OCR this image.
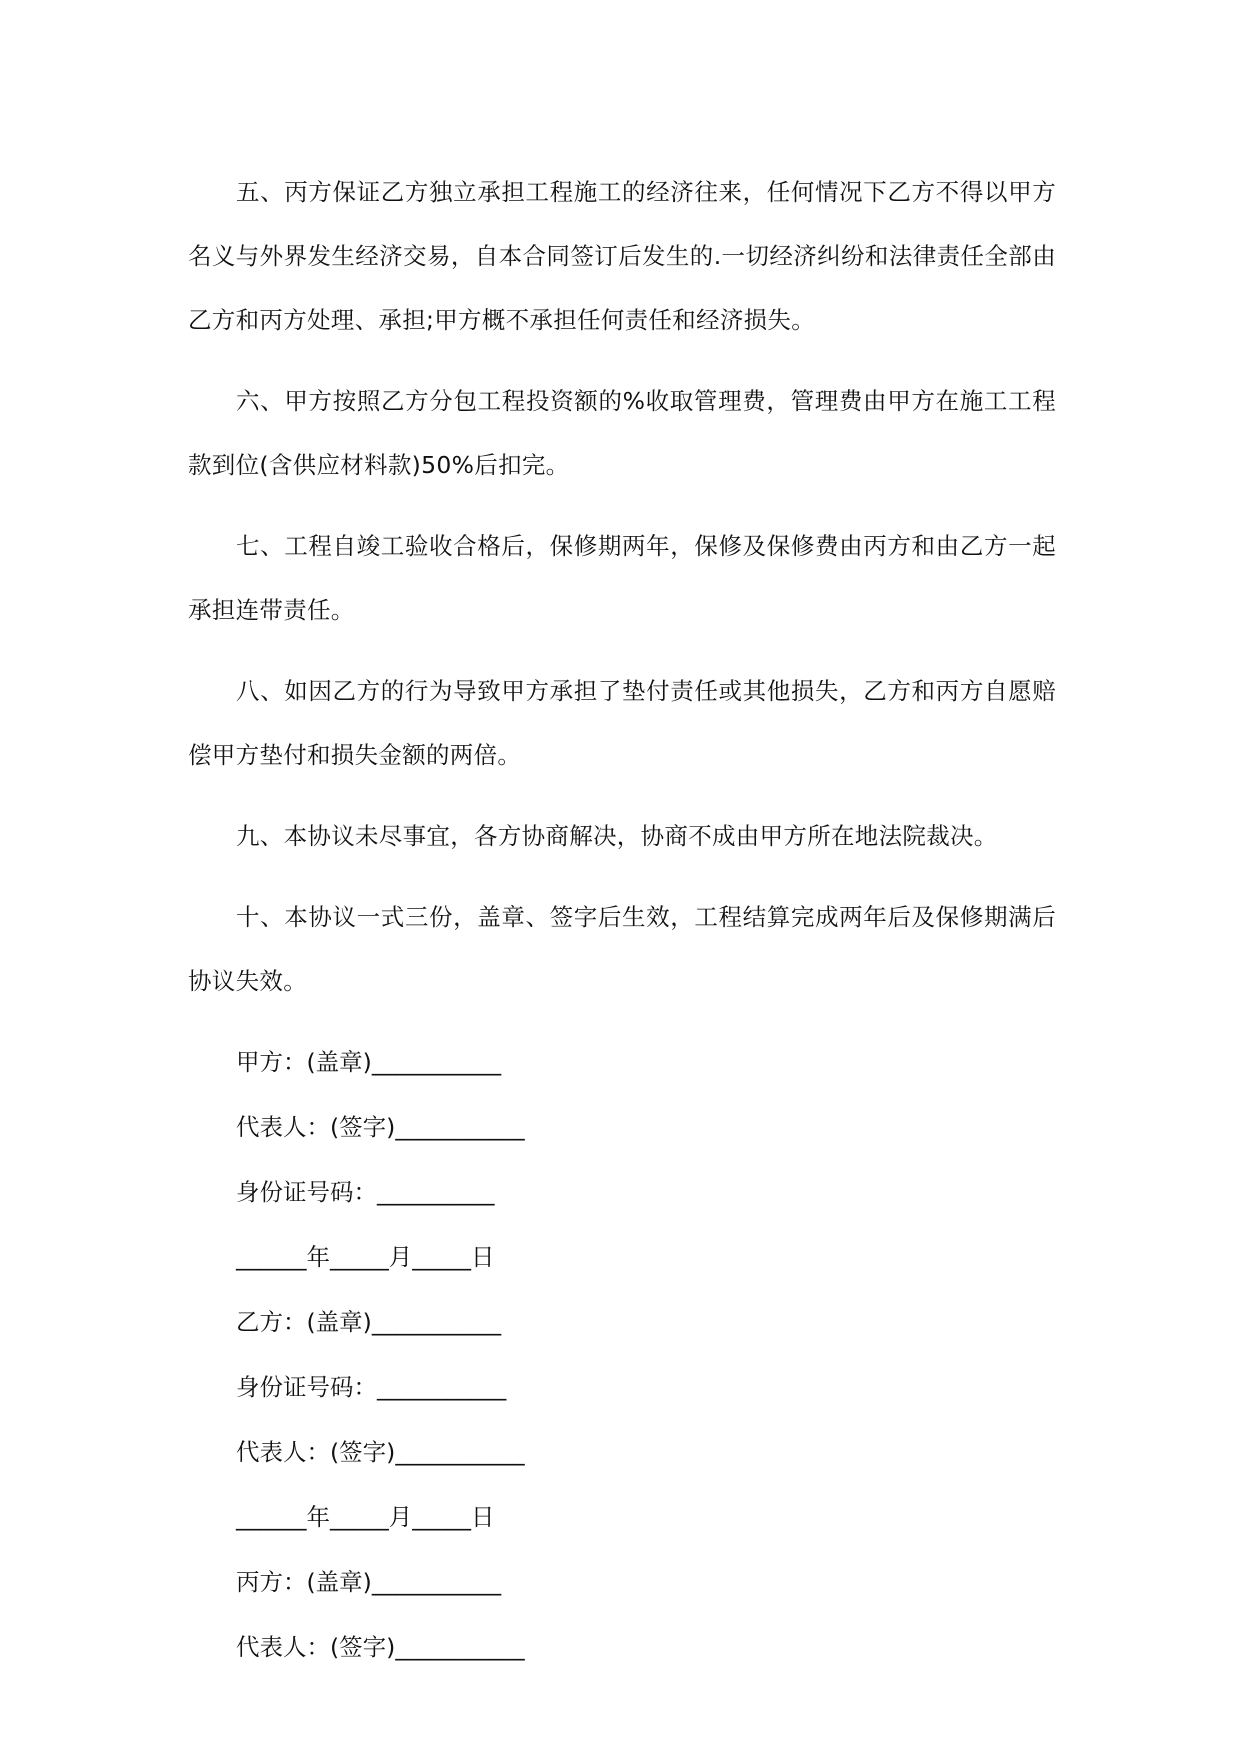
五、丙方保证乙方独立承担工程施工的经济往来，任何情况下乙方不得以甲方名义与外界发生经济交易，自本合同签订后发生的.一切经济纠纷和法律责任全部由乙方和丙方处理、承担;甲方概不承担任何责任和经济损失。

六、甲方按照乙方分包工程投资额的%收取管理费，管理费由甲方在施工工程款到位(含供应材料款)50%后扣完。

七、工程自竣工验收合格后，保修期两年，保修及保修费由丙方和由乙方一起承担连带责任。

八、如因乙方的行为导致甲方承担了垫付责任或其他损失，乙方和丙方自愿赔偿甲方垫付和损失金额的两倍。

九、本协议未尽事宜，各方协商解决，协商不成由甲方所在地法院裁决。

十、本协议一式三份，盖章、签字后生效，工程结算完成两年后及保修期满后协议失效。

甲方：(盖章)___________

代表人：(签字)___________

身份证号码：__________

______年_____月_____日

乙方：(盖章)___________

身份证号码：___________

代表人：(签字)___________

______年_____月_____日

丙方：(盖章)___________

代表人：(签字)___________
